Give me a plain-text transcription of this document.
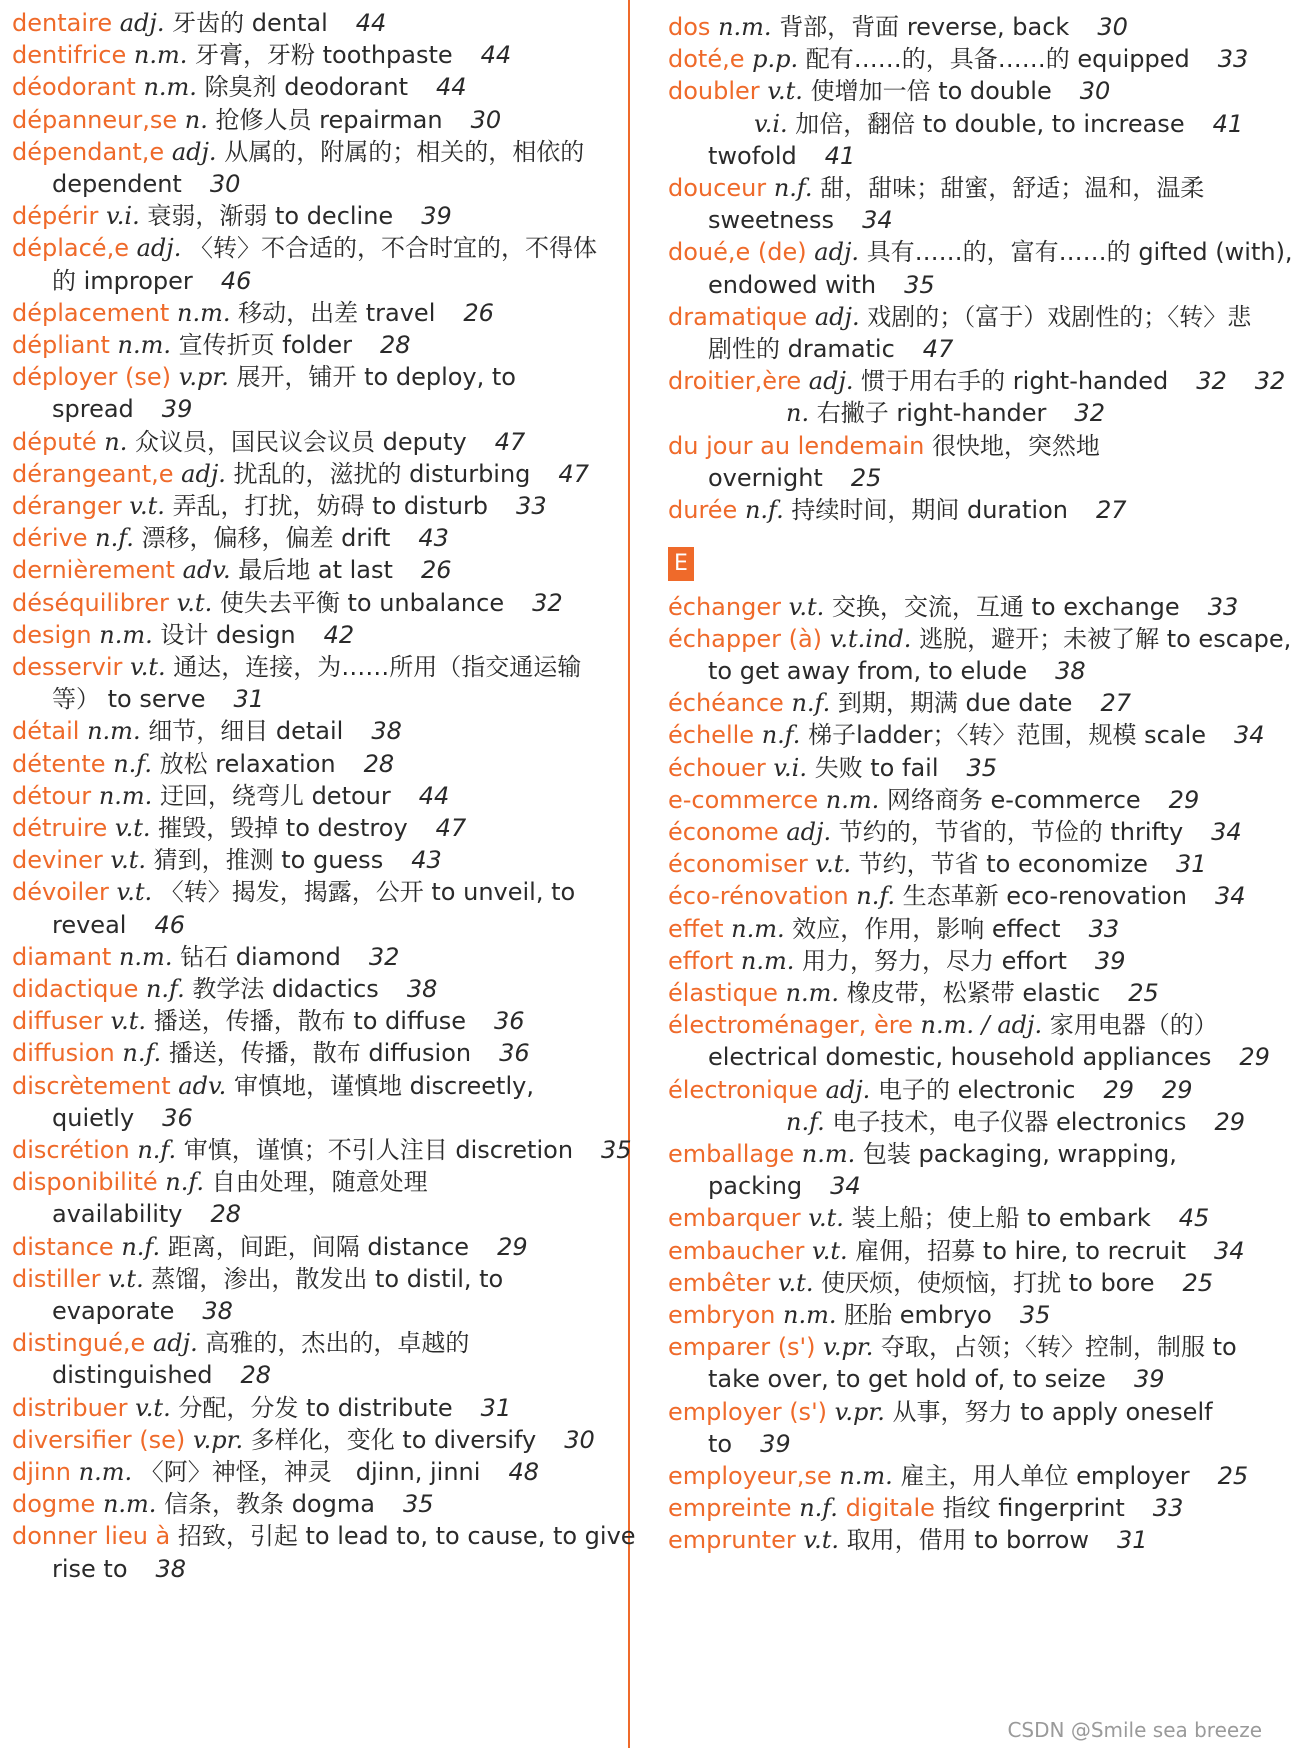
dentaire adj. 牙齿的 dental 44
dentifrice n.m. 牙膏，牙粉 toothpaste 44
déodorant n.m. 除臭剂 deodorant 44
dépanneur,se n. 抢修人员 repairman 30
dépendant,e adj. 从属的，附属的；相关的，相依的
dependent 30
dépérir v.i. 衰弱，渐弱 to decline 39
déplacé,e adj. 〈转〉不合适的，不合时宜的，不得体
的 improper 46
déplacement n.m. 移动，出差 travel 26
dépliant n.m. 宣传折页 folder 28
déployer (se) v.pr. 展开，铺开 to deploy, to
spread 39
député n. 众议员，国民议会议员 deputy 47
dérangeant,e adj. 扰乱的，滋扰的 disturbing 47
déranger v.t. 弄乱，打扰，妨碍 to disturb 33
dérive n.f. 漂移，偏移，偏差 drift 43
dernièrement adv. 最后地 at last 26
déséquilibrer v.t. 使失去平衡 to unbalance 32
design n.m. 设计 design 42
desservir v.t. 通达，连接，为……所用（指交通运输
等） to serve 31
détail n.m. 细节，细目 detail 38
détente n.f. 放松 relaxation 28
détour n.m. 迂回，绕弯儿 detour 44
détruire v.t. 摧毁，毁掉 to destroy 47
deviner v.t. 猜到，推测 to guess 43
dévoiler v.t. 〈转〉揭发，揭露，公开 to unveil, to
reveal 46
diamant n.m. 钻石 diamond 32
didactique n.f. 教学法 didactics 38
diffuser v.t. 播送，传播，散布 to diffuse 36
diffusion n.f. 播送，传播，散布 diffusion 36
discrètement adv. 审慎地，谨慎地 discreetly,
quietly 36
discrétion n.f. 审慎，谨慎；不引人注目 discretion 35
disponibilité n.f. 自由处理，随意处理
availability 28
distance n.f. 距离，间距，间隔 distance 29
distiller v.t. 蒸馏，渗出，散发出 to distil, to
evaporate 38
distingué,e adj. 高雅的，杰出的，卓越的
distinguished 28
distribuer v.t. 分配，分发 to distribute 31
diversifier (se) v.pr. 多样化，变化 to diversify 30
djinn n.m. 〈阿〉神怪，神灵　djinn, jinni 48
dogme n.m. 信条，教条 dogma 35
donner lieu à 招致，引起 to lead to, to cause, to give
rise to 38
dos n.m. 背部，背面 reverse, back 30
doté,e p.p. 配有……的，具备……的 equipped 33
doubler v.t. 使增加一倍 to double 30
v.i. 加倍，翻倍 to double, to increase 41
twofold 41
douceur n.f. 甜，甜味；甜蜜，舒适；温和，温柔
sweetness 34
doué,e (de) adj. 具有……的，富有……的 gifted (with),
endowed with 35
dramatique adj. 戏剧的；（富于）戏剧性的；〈转〉悲
剧性的 dramatic 47
droitier,ère adj. 惯于用右手的 right-handed 32 32
n. 右撇子 right-hander 32
du jour au lendemain 很快地，突然地
overnight 25
durée n.f. 持续时间，期间 duration 27
E
échanger v.t. 交换，交流，互通 to exchange 33
échapper (à) v.t.ind. 逃脱，避开；未被了解 to escape,
to get away from, to elude 38
échéance n.f. 到期，期满 due date 27
échelle n.f. 梯子ladder；〈转〉范围，规模 scale 34
échouer v.i. 失败 to fail 35
e-commerce n.m. 网络商务 e-commerce 29
économe adj. 节约的，节省的，节俭的 thrifty 34
économiser v.t. 节约，节省 to economize 31
éco-rénovation n.f. 生态革新 eco-renovation 34
effet n.m. 效应，作用，影响 effect 33
effort n.m. 用力，努力，尽力 effort 39
élastique n.m. 橡皮带，松紧带 elastic 25
électroménager, ère n.m. / adj. 家用电器（的）
electrical domestic, household appliances 29
électronique adj. 电子的 electronic 29 29
n.f. 电子技术，电子仪器 electronics 29
emballage n.m. 包装 packaging, wrapping,
packing 34
embarquer v.t. 装上船；使上船 to embark 45
embaucher v.t. 雇佣，招募 to hire, to recruit 34
embêter v.t. 使厌烦，使烦恼，打扰 to bore 25
embryon n.m. 胚胎 embryo 35
emparer (s') v.pr. 夺取，占领；〈转〉控制，制服 to
take over, to get hold of, to seize 39
employer (s') v.pr. 从事，努力 to apply oneself
to 39
employeur,se n.m. 雇主，用人单位 employer 25
empreinte n.f. digitale 指纹 fingerprint 33
emprunter v.t. 取用，借用 to borrow 31
CSDN @Smile sea breeze
